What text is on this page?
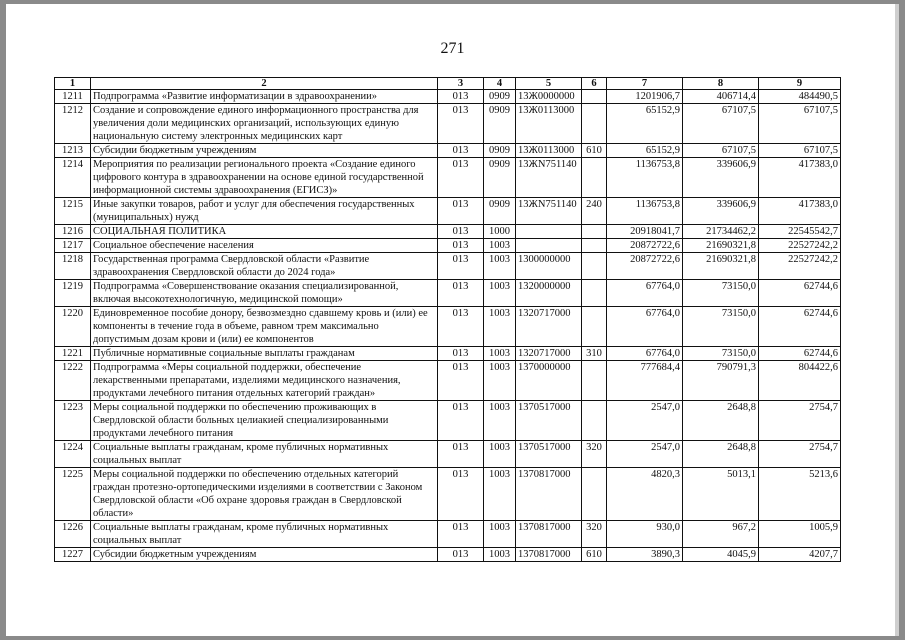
271
1	2	3	4	5	6	7	8	9
1211	Подпрограмма «Развитие информатизации в здравоохранении»	013	0909	13Ж0000000		1201906,7	406714,4	484490,5
1212	Создание и сопровождение единого информационного пространства для увеличения доли медицинских организаций, использующих единую национальную систему электронных медицинских карт	013	0909	13Ж0113000		65152,9	67107,5	67107,5
1213	Субсидии бюджетным учреждениям	013	0909	13Ж0113000	610	65152,9	67107,5	67107,5
1214	Мероприятия по реализации регионального проекта «Создание единого цифрового контура в здравоохранении на основе единой государственной информационной системы здравоохранения (ЕГИСЗ)»	013	0909	13ЖN751140		1136753,8	339606,9	417383,0
1215	Иные закупки товаров, работ и услуг для обеспечения государственных (муниципальных) нужд	013	0909	13ЖN751140	240	1136753,8	339606,9	417383,0
1216	СОЦИАЛЬНАЯ ПОЛИТИКА	013	1000			20918041,7	21734462,2	22545542,7
1217	Социальное обеспечение населения	013	1003			20872722,6	21690321,8	22527242,2
1218	Государственная программа Свердловской области «Развитие здравоохранения Свердловской области до 2024 года»	013	1003	1300000000		20872722,6	21690321,8	22527242,2
1219	Подпрограмма «Совершенствование оказания специализированной, включая высокотехнологичную, медицинской помощи»	013	1003	1320000000		67764,0	73150,0	62744,6
1220	Единовременное пособие донору, безвозмездно сдавшему кровь и (или) ее компоненты в течение года в объеме, равном трем максимально допустимым дозам крови и (или) ее компонентов	013	1003	1320717000		67764,0	73150,0	62744,6
1221	Публичные нормативные социальные выплаты гражданам	013	1003	1320717000	310	67764,0	73150,0	62744,6
1222	Подпрограмма «Меры социальной поддержки, обеспечение лекарственными препаратами, изделиями медицинского назначения, продуктами лечебного питания отдельных категорий граждан»	013	1003	1370000000		777684,4	790791,3	804422,6
1223	Меры социальной поддержки по обеспечению проживающих в Свердловской области больных целиакией специализированными продуктами лечебного питания	013	1003	1370517000		2547,0	2648,8	2754,7
1224	Социальные выплаты гражданам, кроме публичных нормативных социальных выплат	013	1003	1370517000	320	2547,0	2648,8	2754,7
1225	Меры социальной поддержки по обеспечению отдельных категорий граждан протезно-ортопедическими изделиями в соответствии с Законом Свердловской области «Об охране здоровья граждан в Свердловской области»	013	1003	1370817000		4820,3	5013,1	5213,6
1226	Социальные выплаты гражданам, кроме публичных нормативных социальных выплат	013	1003	1370817000	320	930,0	967,2	1005,9
1227	Субсидии бюджетным учреждениям	013	1003	1370817000	610	3890,3	4045,9	4207,7
